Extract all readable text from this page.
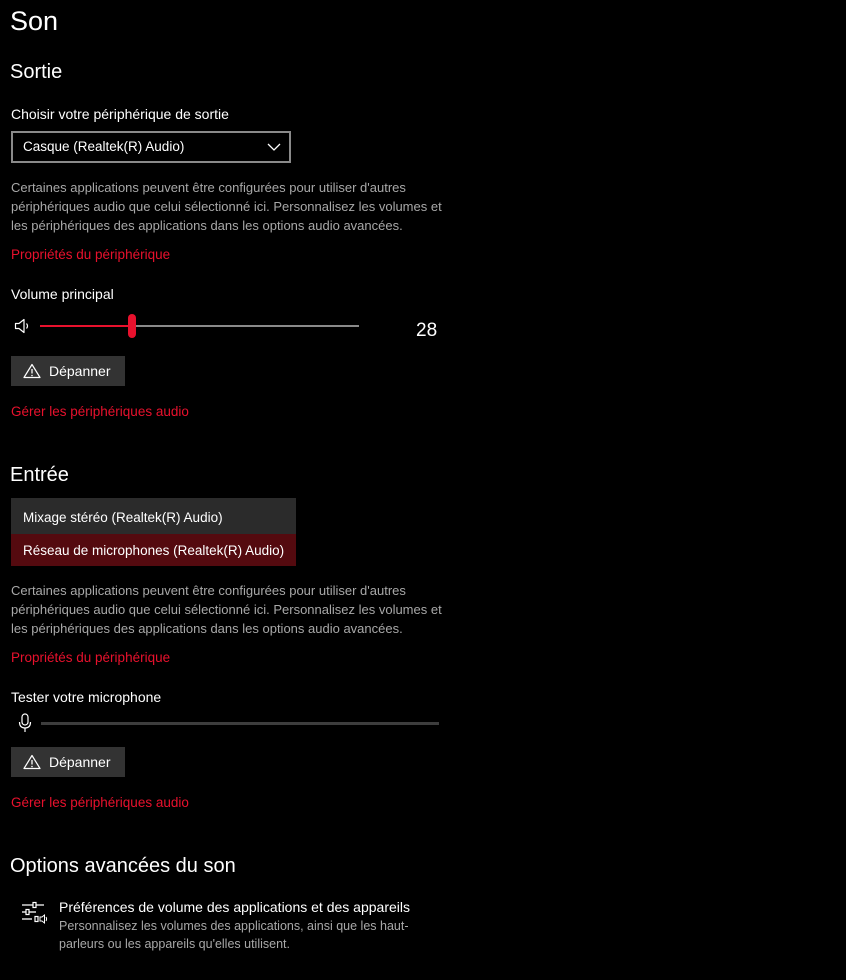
Son
Sortie
Choisir votre périphérique de sortie
Casque (Realtek(R) Audio)
Certaines applications peuvent être configurées pour utiliser d'autres périphériques audio que celui sélectionné ici. Personnalisez les volumes et les périphériques des applications dans les options audio avancées.
Propriétés du périphérique
Volume principal
28
Dépanner
Gérer les périphériques audio
Entrée
Mixage stéréo (Realtek(R) Audio)
Réseau de microphones (Realtek(R) Audio)
Certaines applications peuvent être configurées pour utiliser d'autres périphériques audio que celui sélectionné ici. Personnalisez les volumes et les périphériques des applications dans les options audio avancées.
Propriétés du périphérique
Tester votre microphone
Dépanner
Gérer les périphériques audio
Options avancées du son
Préférences de volume des applications et des appareils
Personnalisez les volumes des applications, ainsi que les haut-parleurs ou les appareils qu'elles utilisent.
